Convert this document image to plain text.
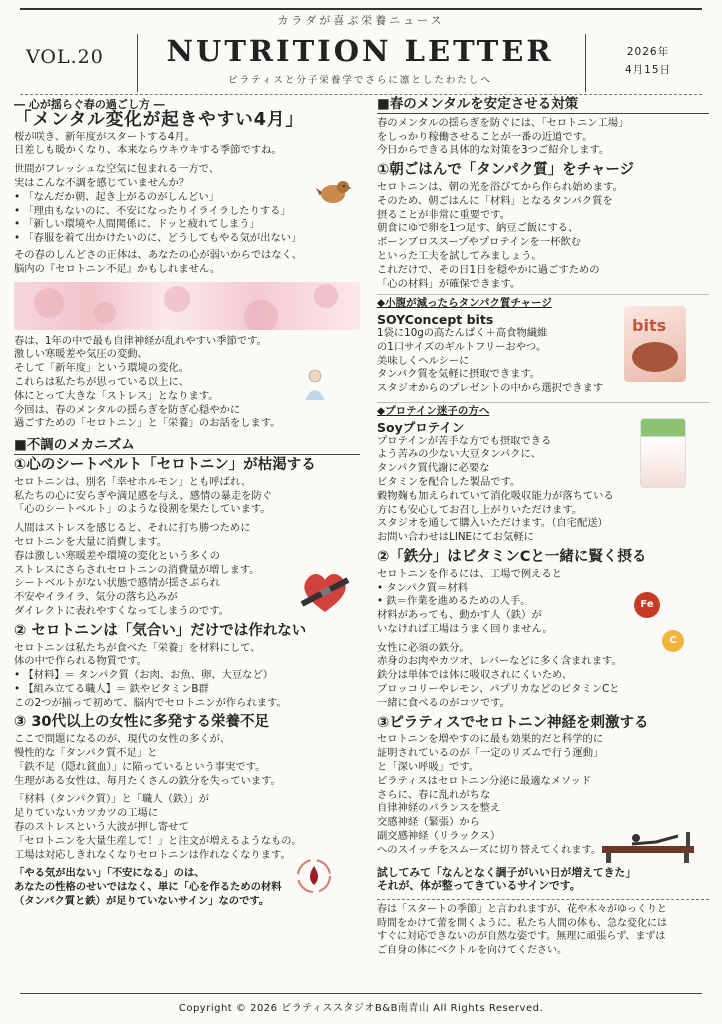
カラダが喜ぶ栄養ニュース
VOL.20	NUTRITION LETTER
ピラティスと分子栄養学でさらに凛としたわたしへ
2026年
4月15日
― 心が揺らぐ春の過ごし方 ―
「メンタル変化が起きやすい4月」

桜が咲き、新年度がスタートする4月。
日差しも暖かくなり、本来ならウキウキする季節ですね。

世間がフレッシュな空気に包まれる一方で、
実はこんな不調を感じていませんか？

• 「なんだか朝、起き上がるのがしんどい」
• 「理由もないのに、不安になったりイライラしたりする」
• 「新しい環境や人間関係に、ドッと疲れてしまう」
• 「春服を着て出かけたいのに、どうしてもやる気が出ない」

その春のしんどさの正体は、あなたの心が弱いからではなく、
脳内の『セロトニン不足』かもしれません。

春は、1年の中で最も自律神経が乱れやすい季節です。
激しい寒暖差や気圧の変動、
そして「新年度」という環境の変化。
これらは私たちが思っている以上に、
体にとって大きな「ストレス」となります。
今回は、春のメンタルの揺らぎを防ぎ心穏やかに
過ごすための「セロトニン」と「栄養」のお話をします。

■不調のメカニズム
①心のシートベルト「セロトニン」が枯渇する

セロトニンは、別名「幸せホルモン」とも呼ばれ、
私たちの心に安らぎや満足感を与え、感情の暴走を防ぐ
「心のシートベルト」のような役割を果たしています。

人間はストレスを感じると、それに打ち勝つために
セロトニンを大量に消費します。
春は激しい寒暖差や環境の変化という多くの
ストレスにさらされセロトニンの消費量が増します。
シートベルトがない状態で感情が揺さぶられ
不安やイライラ、気分の落ち込みが
ダイレクトに表れやすくなってしまうのです。

② セロトニンは「気合い」だけでは作れない

セロトニンは私たちが食べた「栄養」を材料にして、
体の中で作られる物質です。

• 【材料】＝ タンパク質（お肉、お魚、卵、大豆など）
• 【組み立てる職人】＝ 鉄やビタミンB群

この2つが揃って初めて、脳内でセロトニンが作られます。

③ 30代以上の女性に多発する栄養不足

ここで問題になるのが、現代の女性の多くが、
慢性的な「タンパク質不足」と
「鉄不足（隠れ貧血）」に陥っているという事実です。
生理がある女性は、毎月たくさんの鉄分を失っています。

「材料（タンパク質）」と「職人（鉄）」が
足りていないカツカツの工場に
春のストレスという大波が押し寄せて
「セロトニンを大量生産して！」と注文が増えるようなもの。
工場は対応しきれなくなりセロトニンは作れなくなります。

「やる気が出ない」「不安になる」のは、
あなたの性格のせいではなく、単に「心を作るための材料
（タンパク質と鉄）が足りていないサイン」なのです。

■春のメンタルを安定させる対策

春のメンタルの揺らぎを防ぐには、「セロトニン工場」
をしっかり稼働させることが一番の近道です。
今日からできる具体的な対策を3つご紹介します。

①朝ごはんで「タンパク質」をチャージ

セロトニンは、朝の光を浴びてから作られ始めます。
そのため、朝ごはんに「材料」となるタンパク質を
摂ることが非常に重要です。
朝食にゆで卵を1つ足す、納豆ご飯にする、
ボーンブロススープやプロテインを一杯飲む
といった工夫を試してみましょう。
これだけで、その日1日を穏やかに過ごすための
「心の材料」が確保できます。

◆小腹が減ったらタンパク質チャージ
SOYConcept bits

1袋に10gの高たんぱく＋高食物繊維
の1口サイズのギルトフリーおやつ。
美味しくヘルシーに
タンパク質を気軽に摂取できます。
スタジオからのプレゼントの中から選択できます

◆プロテイン迷子の方へ
Soyプロテイン

プロテインが苦手な方でも摂取できる
よう苦みの少ない大豆タンパクに、
タンパク質代謝に必要な
ビタミンを配合した製品です。
穀物麹も加えられていて消化吸収能力が落ちている
方にも安心してお召し上がりいただけます。
スタジオを通して購入いただけます。（自宅配送）
お問い合わせはLINEにてお気軽に

②「鉄分」はビタミンCと一緒に賢く摂る

セロトニンを作るには、工場で例えると

• タンパク質＝材料
• 鉄＝作業を進めるための人手。

材料があっても、動かす人（鉄）が
いなければ工場はうまく回りません。

女性に必須の鉄分。
赤身のお肉やカツオ、レバーなどに多く含まれます。
鉄分は単体では体に吸収されにくいため、
ブロッコリーやレモン、パプリカなどのビタミンCと
一緒に食べるのがコツです。

③ピラティスでセロトニン神経を刺激する

セロトニンを増やすのに最も効果的だと科学的に
証明されているのが「一定のリズムで行う運動」
と「深い呼吸」です。
ピラティスはセロトニン分泌に最適なメソッド
さらに、春に乱れがちな
自律神経のバランスを整え
交感神経（緊張）から
副交感神経（リラックス）
へのスイッチをスムーズに切り替えてくれます。

試してみて「なんとなく調子がいい日が増えてきた」
それが、体が整ってきているサインです。

春は「スタートの季節」と言われますが、花や木々がゆっくりと
時間をかけて蕾を開くように、私たち人間の体も、急な変化には
すぐに対応できないのが自然な姿です。無理に頑張らず、まずは
ご自身の体にベクトルを向けてください。

bits
Fe
C
Copyright © 2026 ピラティススタジオB&B南青山 All Rights Reserved.
